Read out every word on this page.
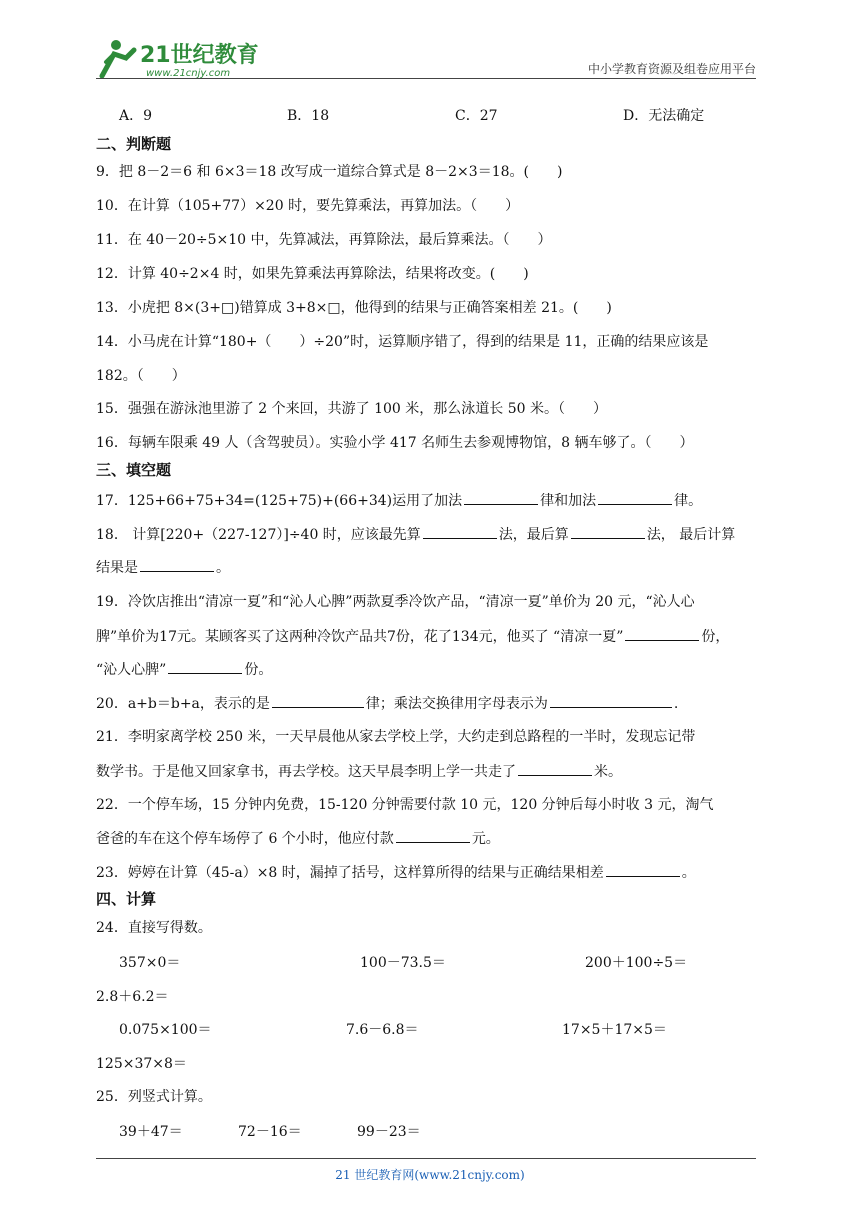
21世纪教育
www.21cnjy.com	中小学教育资源及组卷应用平台
A．9	B．18	C．27	D．无法确定
二、判断题
9．把 8－2＝6 和 6×3＝18 改写成一道综合算式是 8－2×3＝18。(　　)
10．在计算（105+77）×20 时，要先算乘法，再算加法。（　　）
11．在 40－20÷5×10 中，先算减法，再算除法，最后算乘法。（　　）
12．计算 40÷2×4 时，如果先算乘法再算除法，结果将改变。(　　)
13．小虎把 8×(3+□)错算成 3+8×□，他得到的结果与正确答案相差 21。(　　)
14．小马虎在计算“180+（　　）÷20”时，运算顺序错了，得到的结果是 11，正确的结果应该是
182。（　　）
15．强强在游泳池里游了 2 个来回，共游了 100 米，那么泳道长 50 米。（　　）
16．每辆车限乘 49 人（含驾驶员）。实验小学 417 名师生去参观博物馆，8 辆车够了。（　　）
三、填空题
17．125+66+75+34=(125+75)+(66+34)运用了加法	律和加法	律。
18． 计算[220+（227-127）]÷40 时，应该最先算	法，最后算	法， 最后计算
结果是	。
19．冷饮店推出“清凉一夏”和“沁人心脾”两款夏季冷饮产品，“清凉一夏”单价为 20 元，“沁人心
脾”单价为17元。某顾客买了这两种冷饮产品共7份，花了134元，他买了 “清凉一夏”	份，
“沁人心脾”	份。
20．a+b＝b+a，表示的是	律；乘法交换律用字母表示为	.
21．李明家离学校 250 米，一天早晨他从家去学校上学，大约走到总路程的一半时，发现忘记带
数学书。于是他又回家拿书，再去学校。这天早晨李明上学一共走了	米。
22．一个停车场，15 分钟内免费，15-120 分钟需要付款 10 元，120 分钟后每小时收 3 元，淘气
爸爸的车在这个停车场停了 6 个小时，他应付款	元。
23．婷婷在计算（45-a）×8 时，漏掉了括号，这样算所得的结果与正确结果相差	。
四、计算
24．直接写得数。
357×0＝	100－73.5＝	200＋100÷5＝
2.8＋6.2＝
0.075×100＝	7.6－6.8＝	17×5＋17×5＝
125×37×8＝
25．列竖式计算。
39＋47＝	72－16＝	99－23＝
21 世纪教育网(www.21cnjy.com)
